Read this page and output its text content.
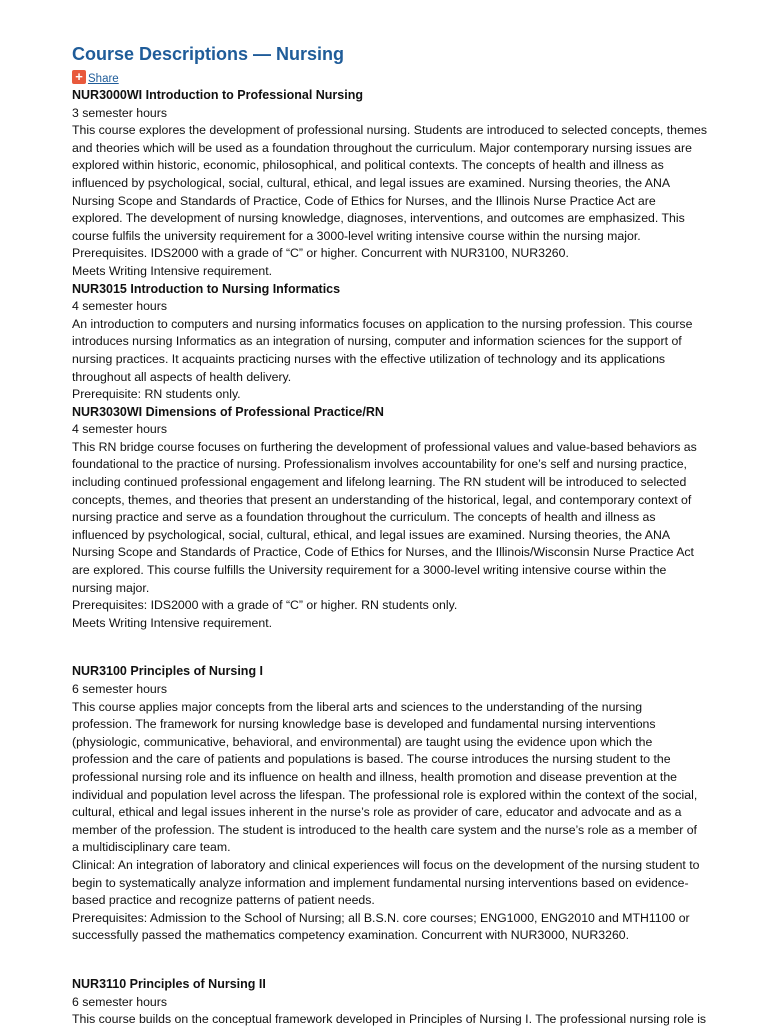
Course Descriptions — Nursing
+ Share
NUR3000WI Introduction to Professional Nursing
3 semester hours
This course explores the development of professional nursing. Students are introduced to selected concepts, themes
and theories which will be used as a foundation throughout the curriculum. Major contemporary nursing issues are
explored within historic, economic, philosophical, and political contexts. The concepts of health and illness as
influenced by psychological, social, cultural, ethical, and legal issues are examined. Nursing theories, the ANA
Nursing Scope and Standards of Practice, Code of Ethics for Nurses, and the Illinois Nurse Practice Act are
explored. The development of nursing knowledge, diagnoses, interventions, and outcomes are emphasized. This
course fulfils the university requirement for a 3000-level writing intensive course within the nursing major.
Prerequisites. IDS2000 with a grade of “C” or higher. Concurrent with NUR3100, NUR3260.
Meets Writing Intensive requirement.
NUR3015 Introduction to Nursing Informatics
4 semester hours
An introduction to computers and nursing informatics focuses on application to the nursing profession. This course
introduces nursing Informatics as an integration of nursing, computer and information sciences for the support of
nursing practices. It acquaints practicing nurses with the effective utilization of technology and its applications
throughout all aspects of health delivery.
Prerequisite: RN students only.
NUR3030WI Dimensions of Professional Practice/RN
4 semester hours
This RN bridge course focuses on furthering the development of professional values and value-based behaviors as
foundational to the practice of nursing. Professionalism involves accountability for one’s self and nursing practice,
including continued professional engagement and lifelong learning. The RN student will be introduced to selected
concepts, themes, and theories that present an understanding of the historical, legal, and contemporary context of
nursing practice and serve as a foundation throughout the curriculum. The concepts of health and illness as
influenced by psychological, social, cultural, ethical, and legal issues are examined. Nursing theories, the ANA
Nursing Scope and Standards of Practice, Code of Ethics for Nurses, and the Illinois/Wisconsin Nurse Practice Act
are explored. This course fulfills the University requirement for a 3000-level writing intensive course within the
nursing major.
Prerequisites: IDS2000 with a grade of “C” or higher. RN students only.
Meets Writing Intensive requirement.
NUR3100 Principles of Nursing I
6 semester hours
This course applies major concepts from the liberal arts and sciences to the understanding of the nursing
profession. The framework for nursing knowledge base is developed and fundamental nursing interventions
(physiologic, communicative, behavioral, and environmental) are taught using the evidence upon which the
profession and the care of patients and populations is based. The course introduces the nursing student to the
professional nursing role and its influence on health and illness, health promotion and disease prevention at the
individual and population level across the lifespan. The professional role is explored within the context of the social,
cultural, ethical and legal issues inherent in the nurse’s role as provider of care, educator and advocate and as a
member of the profession. The student is introduced to the health care system and the nurse’s role as a member of
a multidisciplinary care team.
Clinical: An integration of laboratory and clinical experiences will focus on the development of the nursing student to
begin to systematically analyze information and implement fundamental nursing interventions based on evidence-
based practice and recognize patterns of patient needs.
Prerequisites: Admission to the School of Nursing; all B.S.N. core courses; ENG1000, ENG2010 and MTH1100 or
successfully passed the mathematics competency examination. Concurrent with NUR3000, NUR3260.
NUR3110 Principles of Nursing II
6 semester hours
This course builds on the conceptual framework developed in Principles of Nursing I. The professional nursing role is
